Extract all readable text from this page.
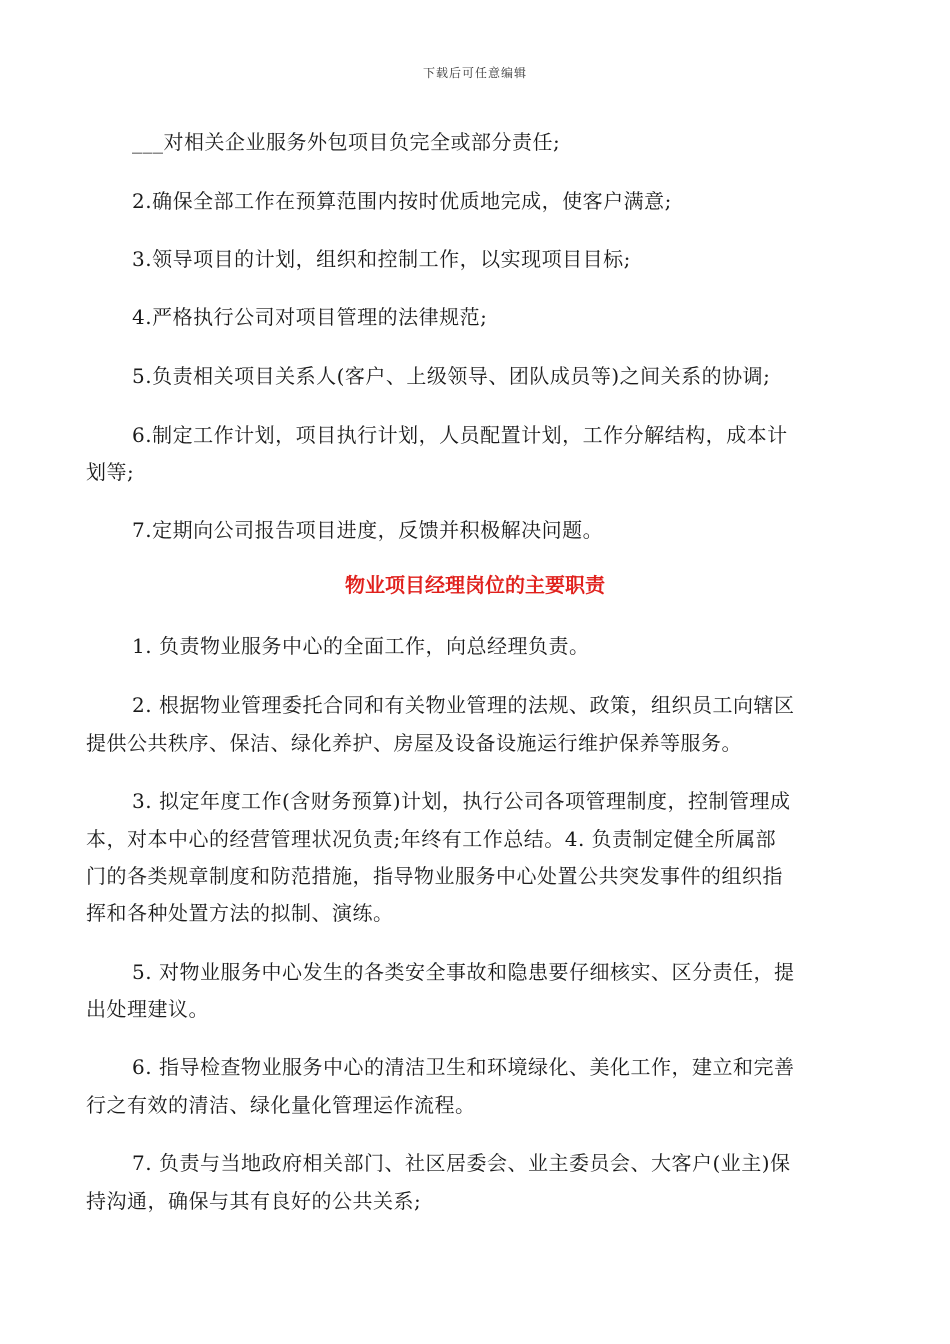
下载后可任意编辑
___对相关企业服务外包项目负完全或部分责任;
2.确保全部工作在预算范围内按时优质地完成，使客户满意;
3.领导项目的计划，组织和控制工作，以实现项目目标;
4.严格执行公司对项目管理的法律规范;
5.负责相关项目关系人(客户、上级领导、团队成员等)之间关系的协调;
6.制定工作计划，项目执行计划，人员配置计划，工作分解结构，成本计
划等;
7.定期向公司报告项目进度，反馈并积极解决问题。
物业项目经理岗位的主要职责
1. 负责物业服务中心的全面工作，向总经理负责。
2. 根据物业管理委托合同和有关物业管理的法规、政策，组织员工向辖区
提供公共秩序、保洁、绿化养护、房屋及设备设施运行维护保养等服务。
3. 拟定年度工作(含财务预算)计划，执行公司各项管理制度，控制管理成
本，对本中心的经营管理状况负责;年终有工作总结。4. 负责制定健全所属部
门的各类规章制度和防范措施，指导物业服务中心处置公共突发事件的组织指
挥和各种处置方法的拟制、演练。
5. 对物业服务中心发生的各类安全事故和隐患要仔细核实、区分责任，提
出处理建议。
6. 指导检查物业服务中心的清洁卫生和环境绿化、美化工作，建立和完善
行之有效的清洁、绿化量化管理运作流程。
7. 负责与当地政府相关部门、社区居委会、业主委员会、大客户(业主)保
持沟通，确保与其有良好的公共关系;
